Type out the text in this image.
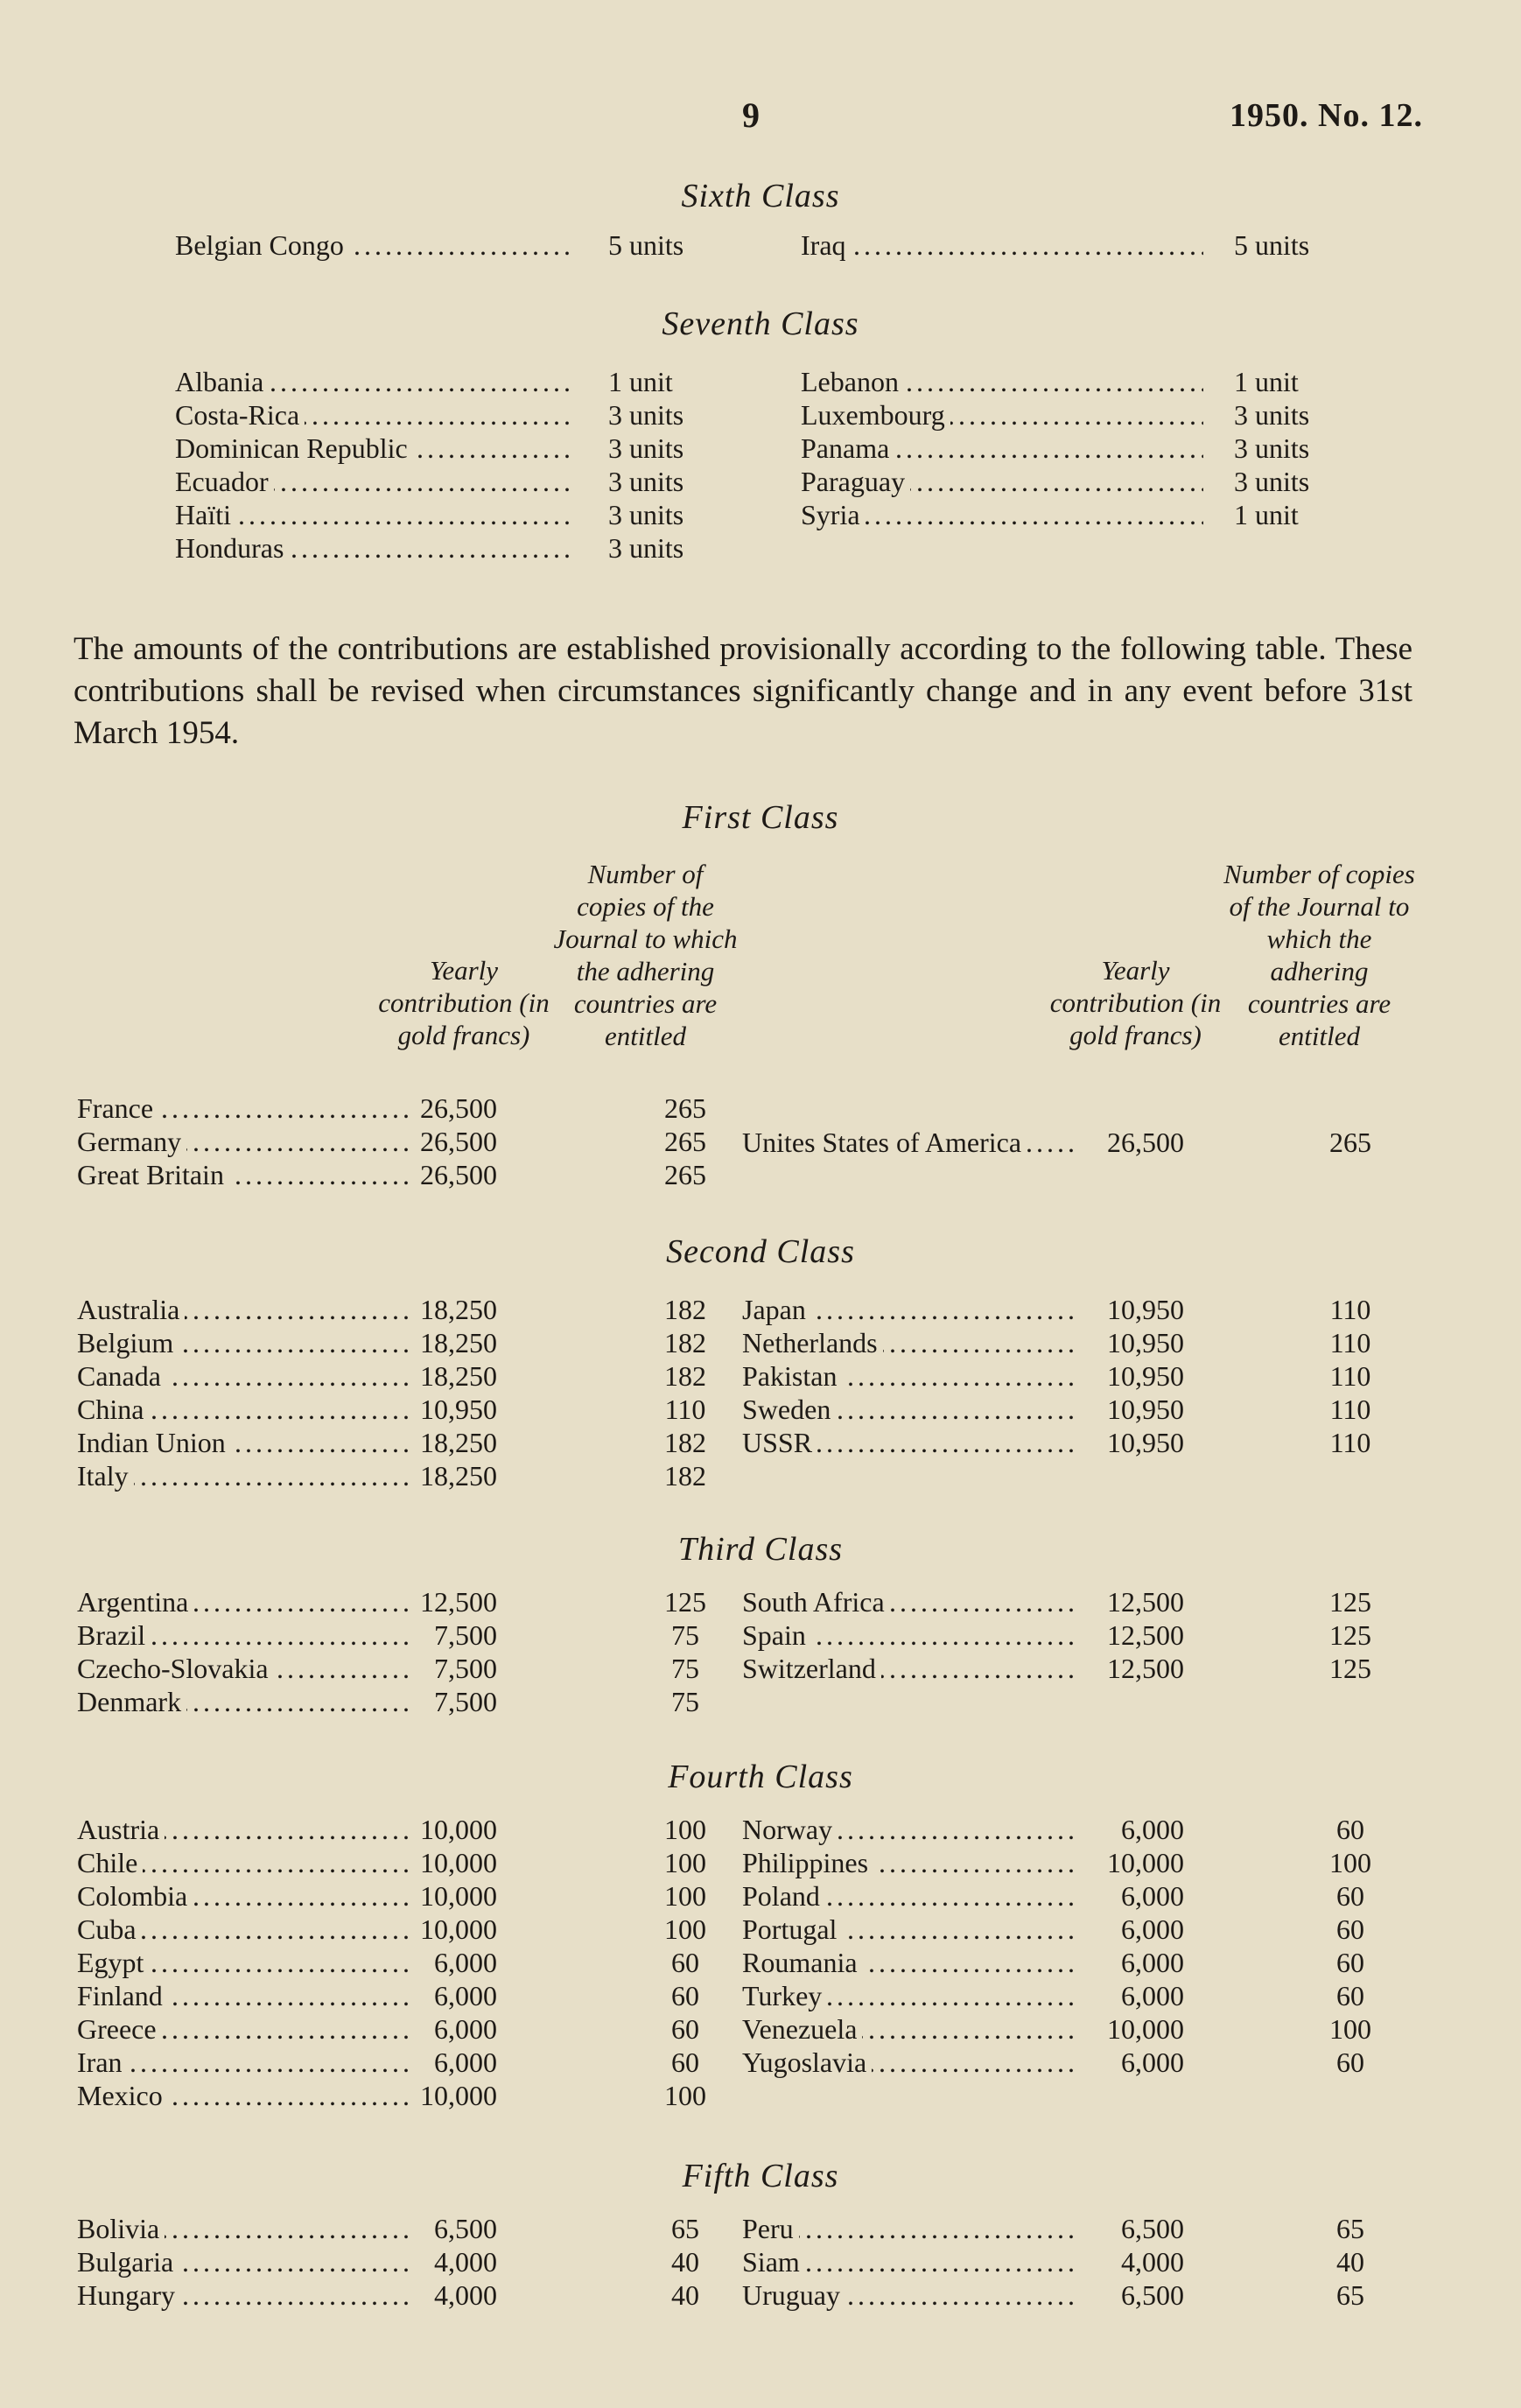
9	1950. No. 12.
Sixth Class
.....
Belgian Congo	5 units
.....	Iraq	5 units
Seventh Class
.....
Albania	1 unit
.....
Costa-Rica	3 units
.....
Dominican Republic	3 units
.....
Ecuador	3 units
.....
Haïti	3 units
.....
Honduras	3 units
.....
Lebanon	1 unit
.....
Luxembourg	3 units
.....
Panama	3 units
.....
Paraguay	3 units
.....
Syria	1 unit
The amounts of the contributions are established provisionally according to the following table. These contributions shall be revised when circumstances significantly change and in any event before 31st March 1954.
First Class
Yearly contribution (in gold francs)
Number of copies of the Journal to which the adhering countries are entitled
Yearly contribution (in gold francs)
Number of copies of the Journal to which the adhering countries are entitled
.....
France	26,500	265
.....
Germany	26,500	265
.....
Great Britain	26,500	265
.....
Unites States of America	26,500	265
Second Class
.....
Australia	18,250	182
.....
Belgium	18,250	182
.....
Canada	18,250	182
.....
China	10,950	110
.....
Indian Union	18,250	182
.....
Italy	18,250	182
.....
Japan	10,950	110
.....
Netherlands	10,950	110
.....
Pakistan	10,950	110
.....
Sweden	10,950	110
.....
USSR	10,950	110
Third Class
.....
Argentina	12,500	125
.....
Brazil	7,500	75
.....
Czecho-Slovakia	7,500	75
.....
Denmark	7,500	75
.....
South Africa	12,500	125
.....
Spain	12,500	125
.....
Switzerland	12,500	125
Fourth Class
.....
Austria	10,000	100
.....
Chile	10,000	100
.....
Colombia	10,000	100
.....
Cuba	10,000	100
.....
Egypt	6,000	60
.....
Finland	6,000	60
.....
Greece	6,000	60
.....
Iran	6,000	60
.....
Mexico	10,000	100
.....
Norway	6,000	60
.....
Philippines	10,000	100
.....
Poland	6,000	60
.....
Portugal	6,000	60
.....
Roumania	6,000	60
.....
Turkey	6,000	60
.....
Venezuela	10,000	100
.....
Yugoslavia	6,000	60
Fifth Class
.....
Bolivia	6,500	65
.....
Bulgaria	4,000	40
.....
Hungary	4,000	40
.....
Peru	6,500	65
.....
Siam	4,000	40
.....
Uruguay	6,500	65
